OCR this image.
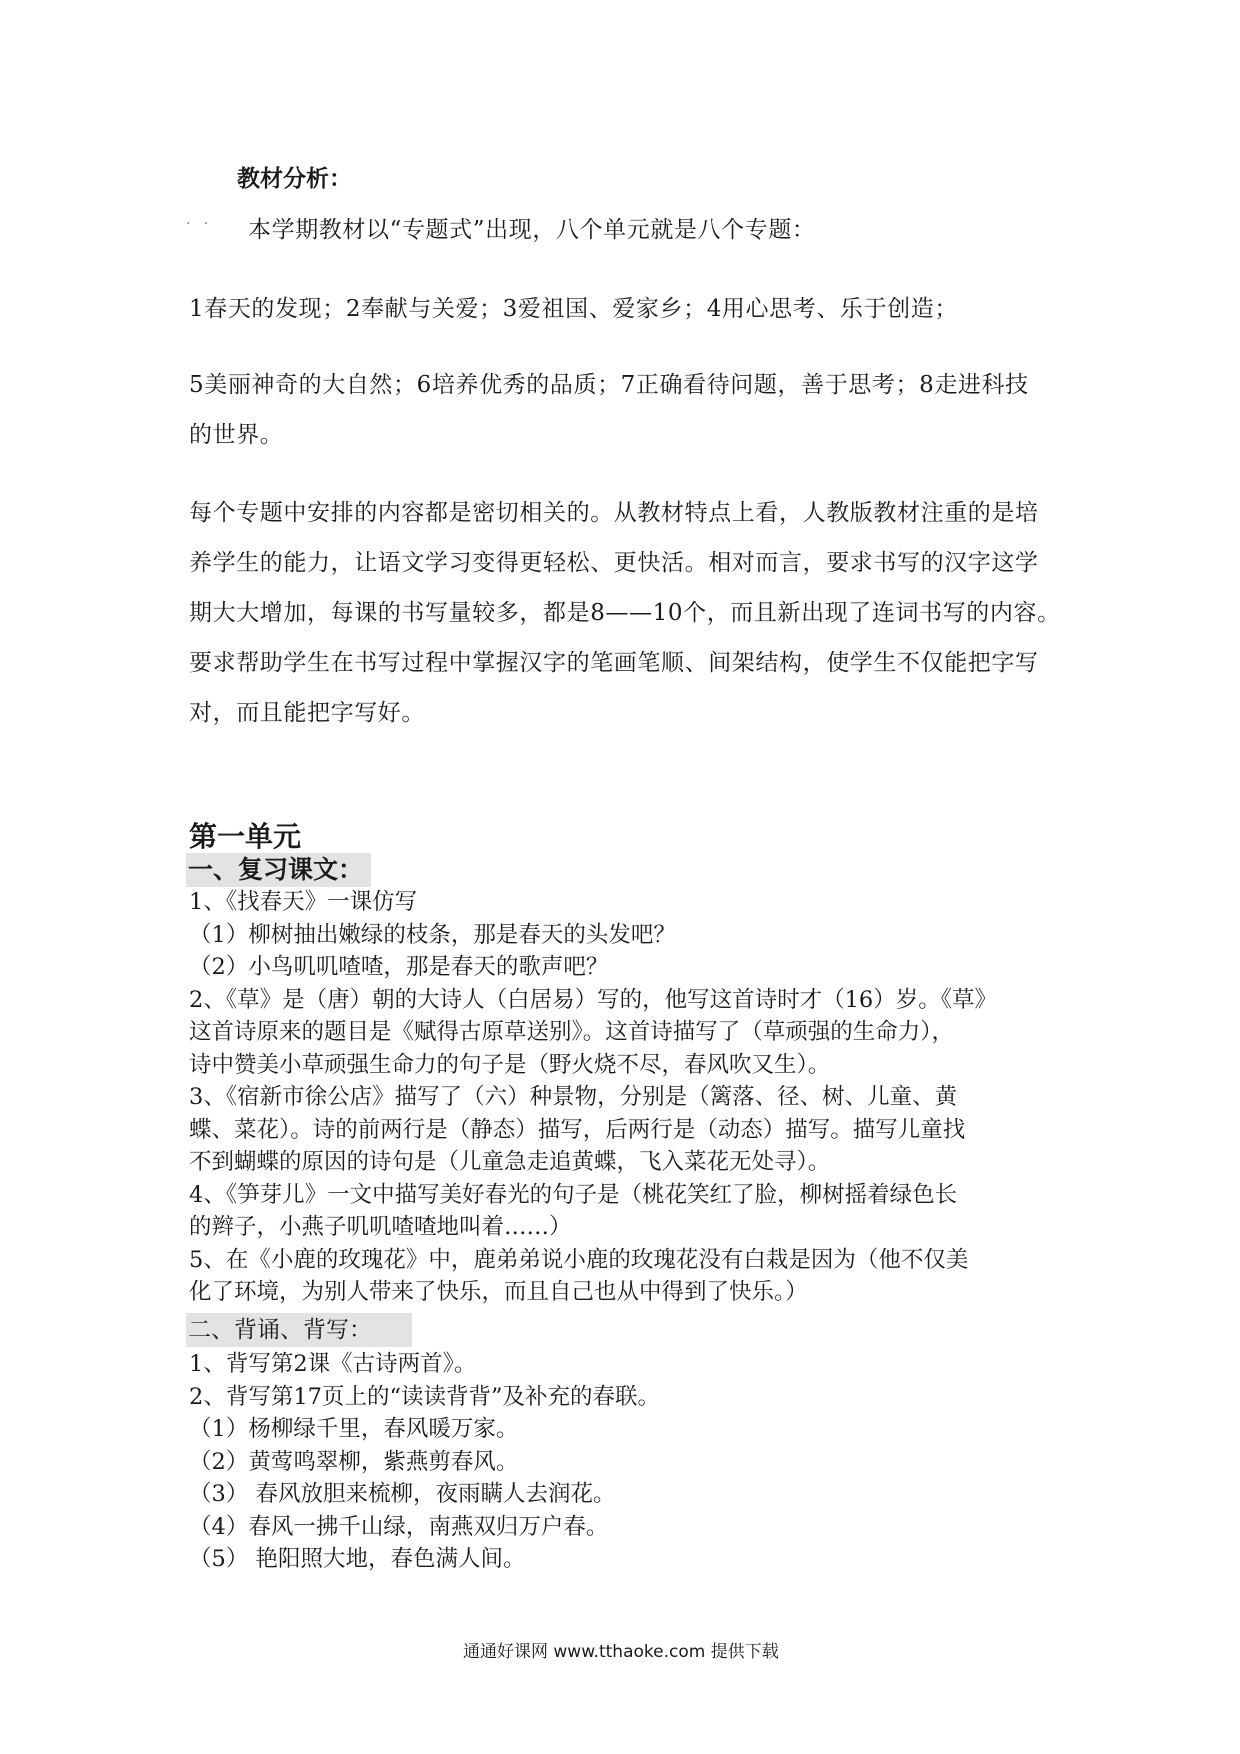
教材分析：
.   . 本学期教材以“专题式”出现，八个单元就是八个专题：
1春天的发现；2奉献与关爱；3爱祖国、爱家乡；4用心思考、乐于创造；
5美丽神奇的大自然；6培养优秀的品质；7正确看待问题，善于思考；8走进科技
的世界。
每个专题中安排的内容都是密切相关的。从教材特点上看，人教版教材注重的是培
养学生的能力，让语文学习变得更轻松、更快活。相对而言，要求书写的汉字这学
期大大增加，每课的书写量较多，都是8——10个，而且新出现了连词书写的内容。
要求帮助学生在书写过程中掌握汉字的笔画笔顺、间架结构，使学生不仅能把字写
对，而且能把字写好。
第一单元
一、复习课文：

1、《找春天》一课仿写

（1）柳树抽出嫩绿的枝条，那是春天的头发吧？

（2）小鸟叽叽喳喳，那是春天的歌声吧？

2、《草》是（唐）朝的大诗人（白居易）写的，他写这首诗时才（16）岁。《草》

这首诗原来的题目是《赋得古原草送别》。这首诗描写了（草顽强的生命力），

诗中赞美小草顽强生命力的句子是（野火烧不尽，春风吹又生）。

3、《宿新市徐公店》描写了（六）种景物，分别是（篱落、径、树、儿童、黄

蝶、菜花）。诗的前两行是（静态）描写，后两行是（动态）描写。描写儿童找

不到蝴蝶的原因的诗句是（儿童急走追黄蝶，飞入菜花无处寻）。

4、《笋芽儿》一文中描写美好春光的句子是（桃花笑红了脸，柳树摇着绿色长

的辫子，小燕子叽叽喳喳地叫着……）

5、在《小鹿的玫瑰花》中，鹿弟弟说小鹿的玫瑰花没有白栽是因为（他不仅美

化了环境，为别人带来了快乐，而且自己也从中得到了快乐。）

二、背诵、背写：

1、背写第2课《古诗两首》。

2、背写第17页上的“读读背背”及补充的春联。

（1）杨柳绿千里，春风暖万家。

（2）黄莺鸣翠柳，紫燕剪春风。

（3） 春风放胆来梳柳，夜雨瞒人去润花。

（4）春风一拂千山绿，南燕双归万户春。

（5） 艳阳照大地，春色满人间。

通通好课网 www.tthaoke.com 提供下载
